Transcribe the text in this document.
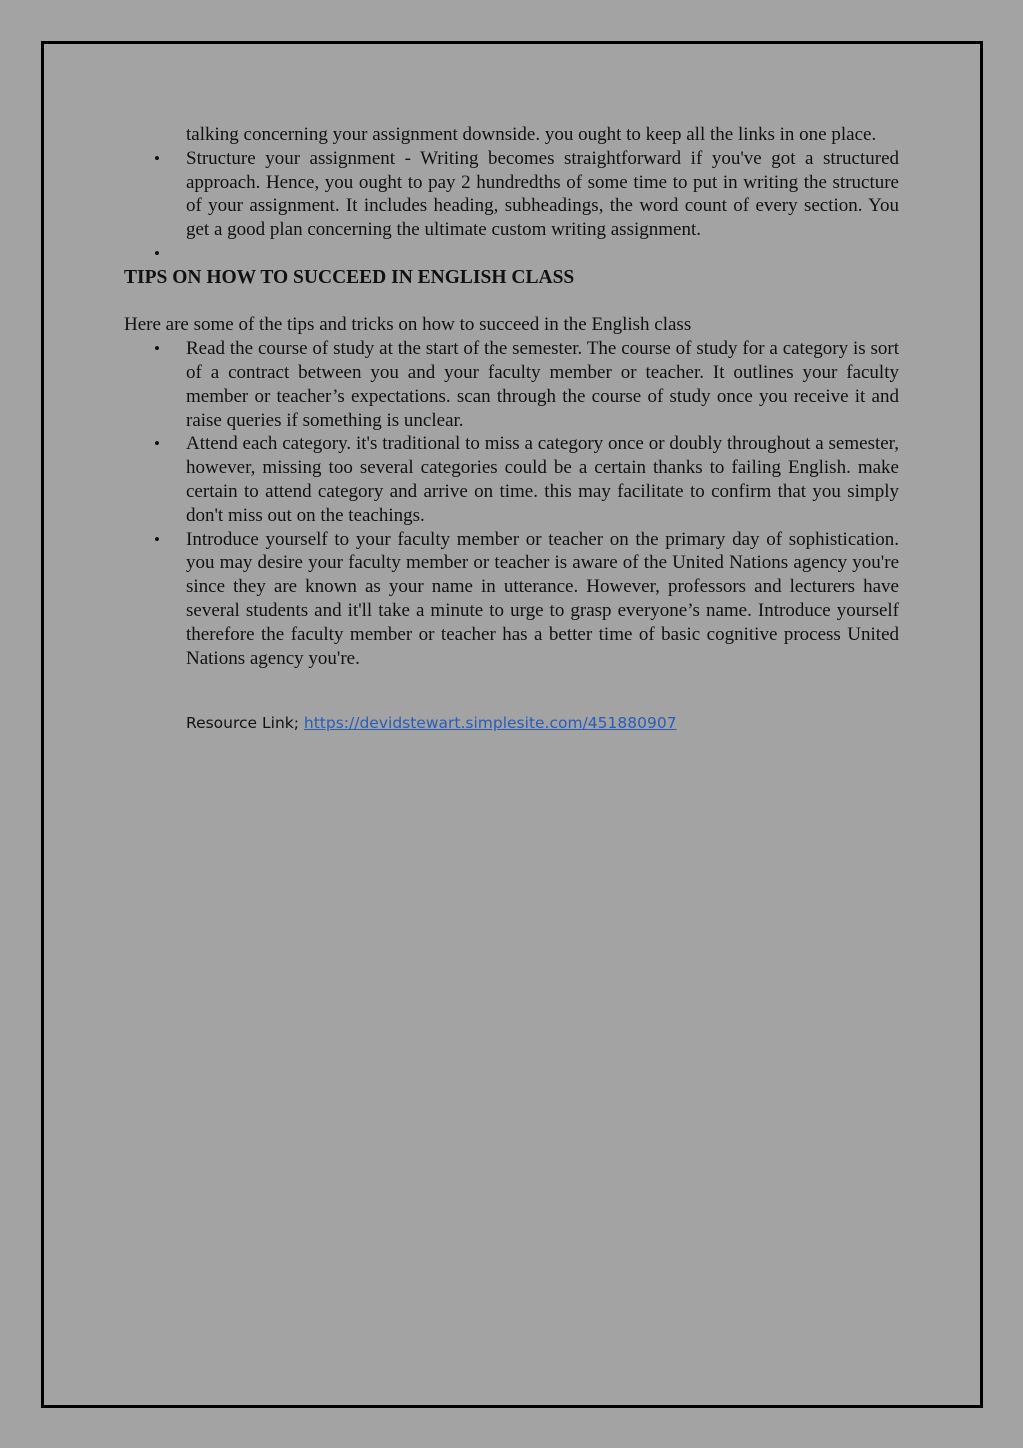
talking concerning your assignment downside. you ought to keep all the links in one place.

• Structure your assignment - Writing becomes straightforward if you've got a structured approach. Hence, you ought to pay 2 hundredths of some time to put in writing the structure of your assignment. It includes heading, subheadings, the word count of every section. You get a good plan concerning the ultimate custom writing assignment.
•

TIPS ON HOW TO SUCCEED IN ENGLISH CLASS

Here are some of the tips and tricks on how to succeed in the English class

• Read the course of study at the start of the semester. The course of study for a category is sort of a contract between you and your faculty member or teacher. It outlines your faculty member or teacher’s expectations. scan through the course of study once you receive it and raise queries if something is unclear.
• Attend each category. it's traditional to miss a category once or doubly throughout a semester, however, missing too several categories could be a certain thanks to failing English. make certain to attend category and arrive on time. this may facilitate to confirm that you simply don't miss out on the teachings.
• Introduce yourself to your faculty member or teacher on the primary day of sophistication. you may desire your faculty member or teacher is aware of the United Nations agency you're since they are known as your name in utterance. However, professors and lecturers have several students and it'll take a minute to urge to grasp everyone’s name. Introduce yourself therefore the faculty member or teacher has a better time of basic cognitive process United Nations agency you're.
Resource Link; https://devidstewart.simplesite.com/451880907
